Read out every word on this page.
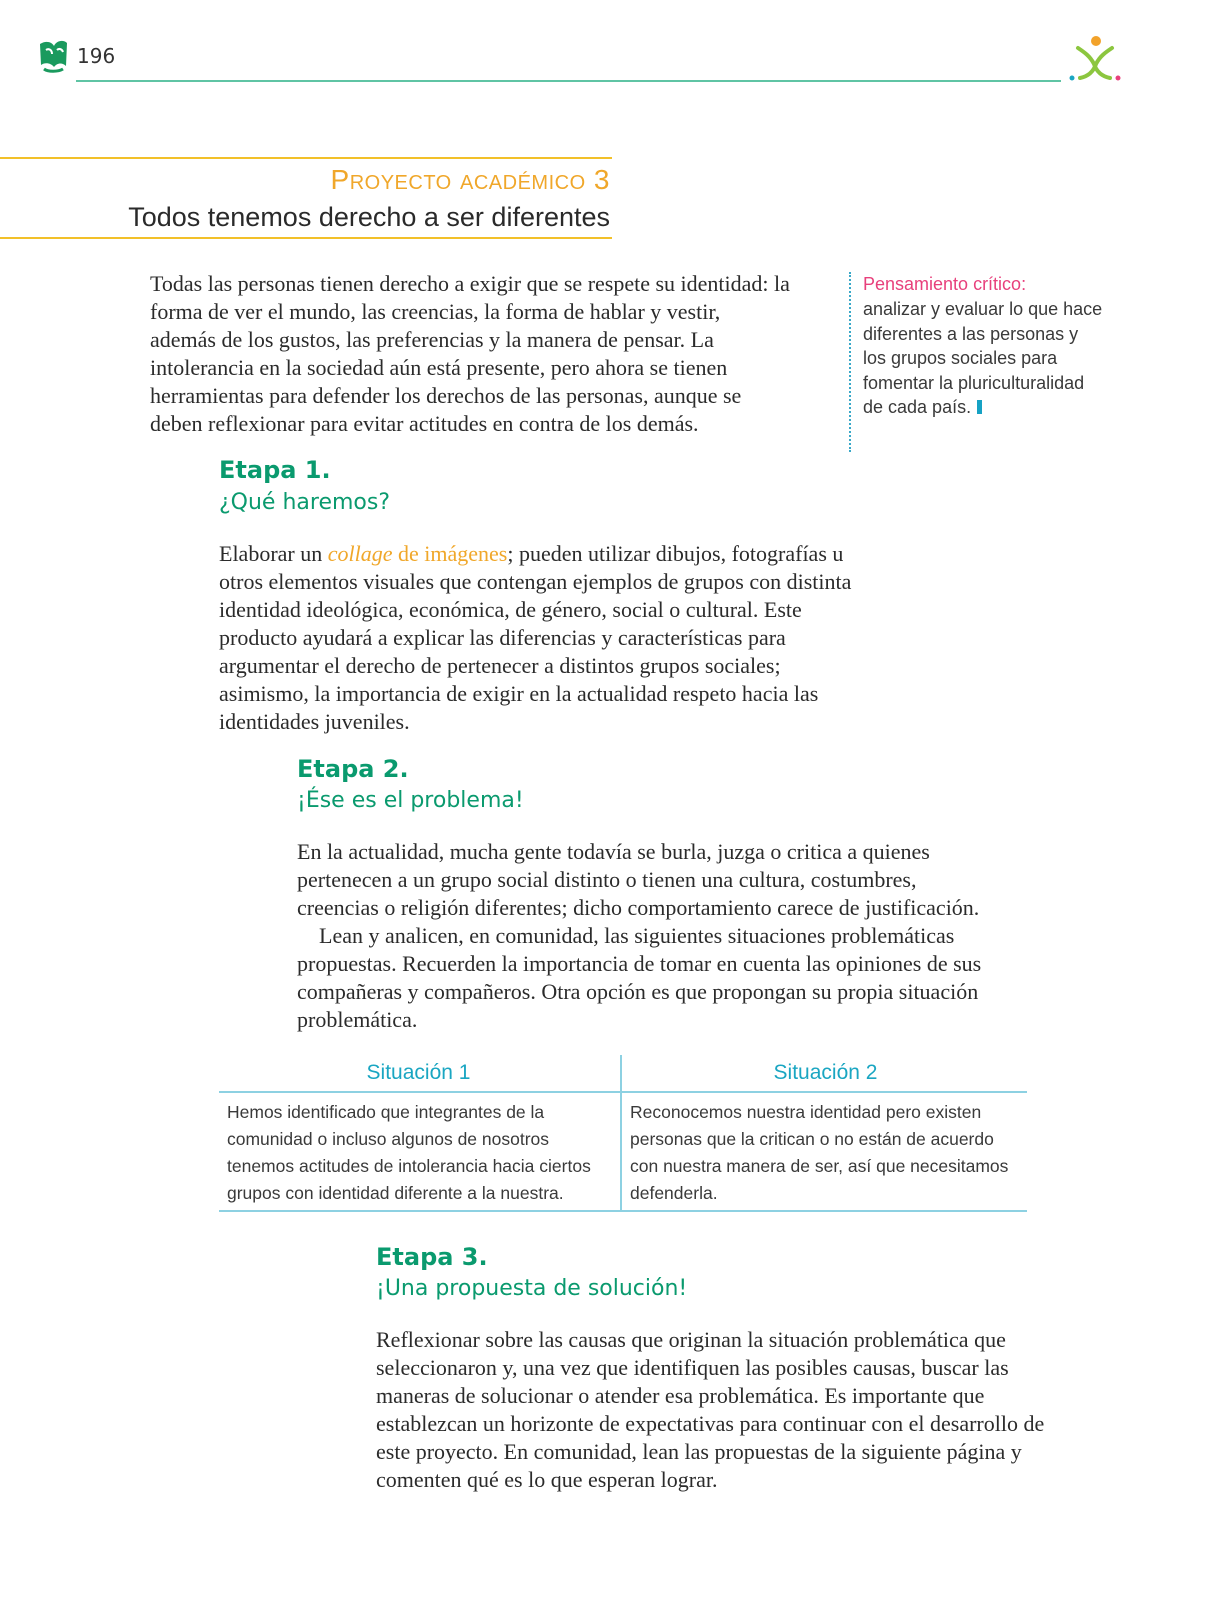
196
Proyecto académico 3
Todos tenemos derecho a ser diferentes
Todas las personas tienen derecho a exigir que se respete su identidad: la forma de ver el mundo, las creencias, la forma de hablar y vestir, además de los gustos, las preferencias y la manera de pensar. La intolerancia en la sociedad aún está presente, pero ahora se tienen herramientas para defender los derechos de las personas, aunque se deben reflexionar para evitar actitudes en contra de los demás.
Pensamiento crítico:
analizar y evaluar lo que hace diferentes a las personas y los grupos sociales para fomentar la pluriculturalidad de cada país.
Etapa 1.
¿Qué haremos?
Elaborar un collage de imágenes; pueden utilizar dibujos, fotografías u otros elementos visuales que contengan ejemplos de grupos con distinta identidad ideológica, económica, de género, social o cultural. Este producto ayudará a explicar las diferencias y características para argumentar el derecho de pertenecer a distintos grupos sociales; asimismo, la importancia de exigir en la actualidad respeto hacia las identidades juveniles.
Etapa 2.
¡Ése es el problema!
En la actualidad, mucha gente todavía se burla, juzga o critica a quienes pertenecen a un grupo social distinto o tienen una cultura, costumbres, creencias o religión diferentes; dicho comportamiento carece de justificación.
Lean y analicen, en comunidad, las siguientes situaciones problemáticas propuestas. Recuerden la importancia de tomar en cuenta las opiniones de sus compañeras y compañeros. Otra opción es que propongan su propia situación problemática.
Situación 1
Hemos identificado que integrantes de la comunidad o incluso algunos de nosotros tenemos actitudes de intolerancia hacia ciertos grupos con identidad diferente a la nuestra.
Situación 2
Reconocemos nuestra identidad pero existen personas que la critican o no están de acuerdo con nuestra manera de ser, así que necesitamos defenderla.
Etapa 3.
¡Una propuesta de solución!
Reflexionar sobre las causas que originan la situación problemática que seleccionaron y, una vez que identifiquen las posibles causas, buscar las maneras de solucionar o atender esa problemática. Es importante que establezcan un horizonte de expectativas para continuar con el desarrollo de este proyecto. En comunidad, lean las propuestas de la siguiente página y comenten qué es lo que esperan lograr.
